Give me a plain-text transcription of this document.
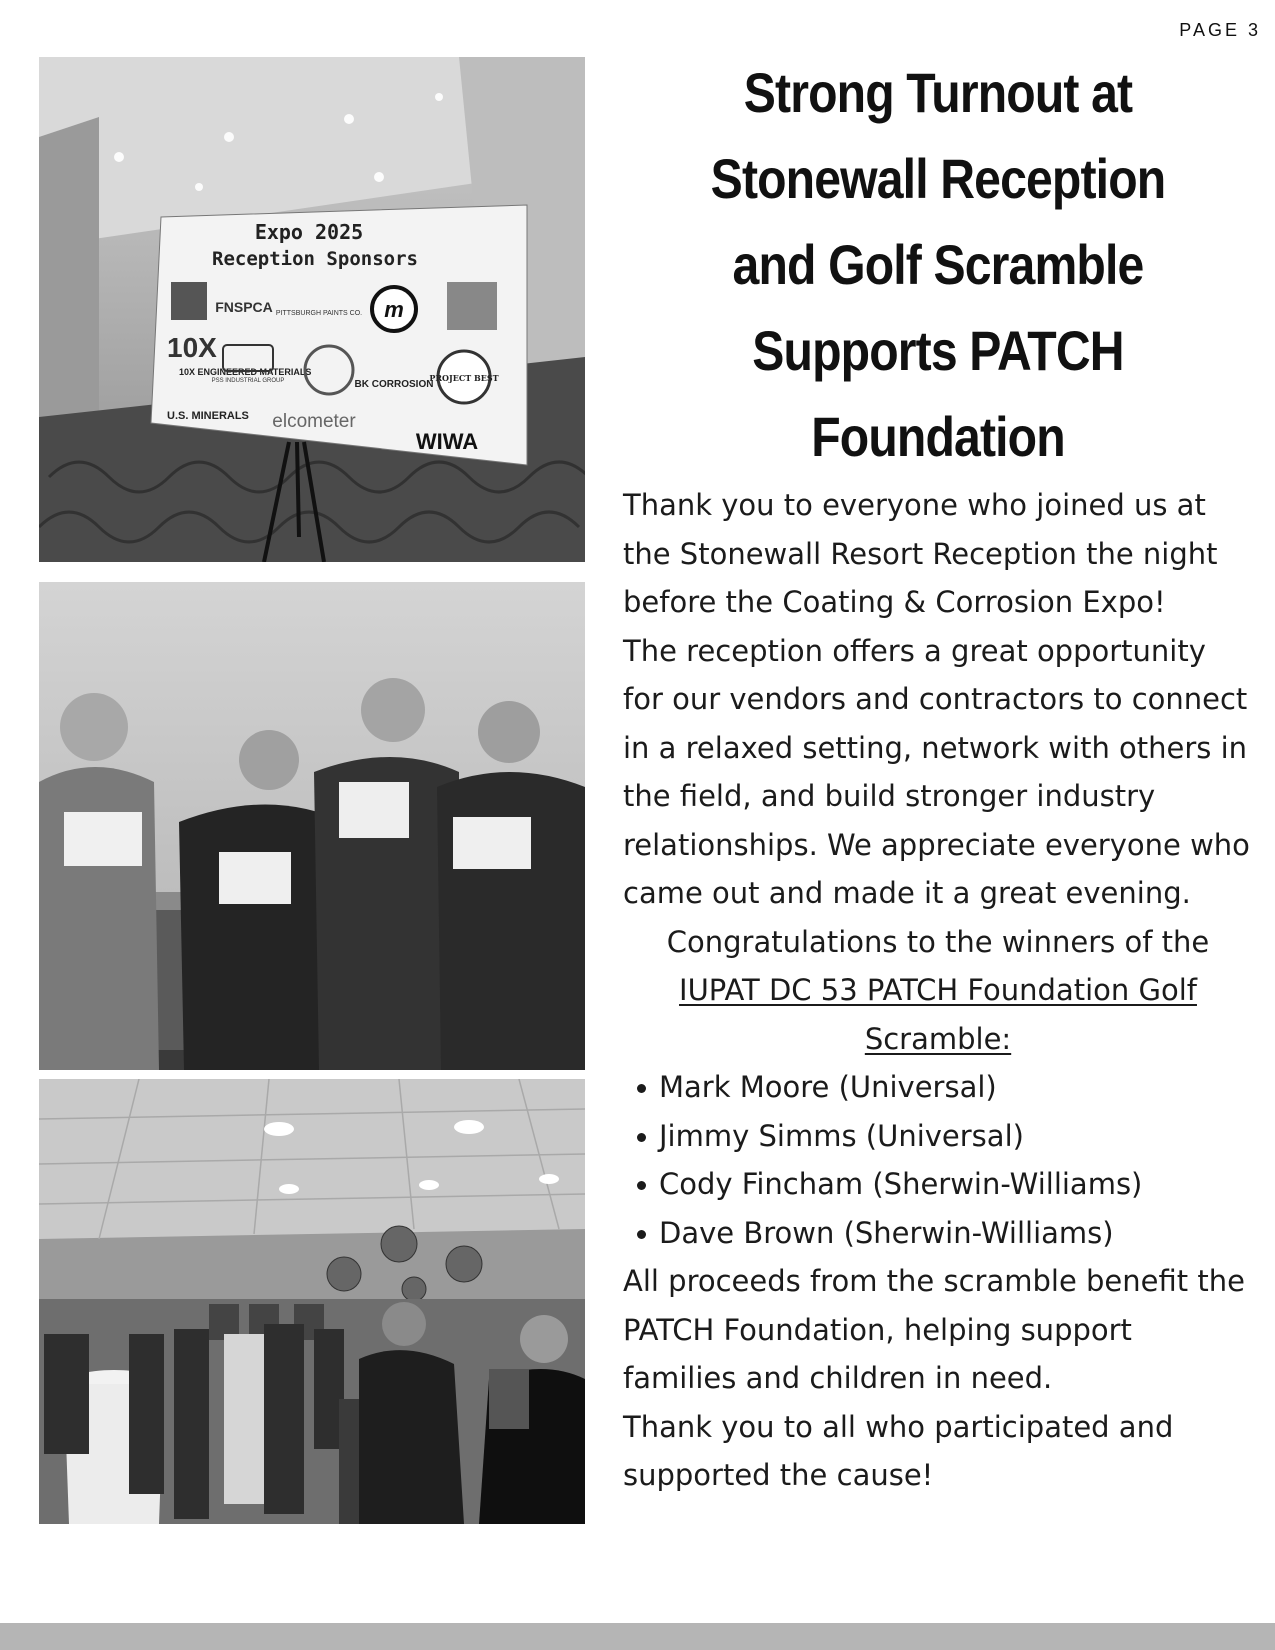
PAGE 3
Expo 2025
Reception Sponsors
FNSPCA PITTSBURGH PAINTS CO. m
10X ENGINEERED MATERIALS
10X
PSS INDUSTRIAL GROUP	BK CORROSION
PROJECT BEST
U.S. MINERALS elcometer
WIWA
Strong Turnout at Stonewall Reception and Golf Scramble Supports PATCH Foundation

Thank you to everyone who joined us at the Stonewall Resort Reception the night before the Coating & Corrosion Expo!

The reception offers a great opportunity for our vendors and contractors to connect in a relaxed setting, network with others in the field, and build stronger industry relationships. We appreciate everyone who came out and made it a great evening.

Congratulations to the winners of the

IUPAT DC 53 PATCH Foundation Golf Scramble:

Mark Moore (Universal)
Jimmy Simms (Universal)
Cody Fincham (Sherwin-Williams)
Dave Brown (Sherwin-Williams)

All proceeds from the scramble benefit the PATCH Foundation, helping support families and children in need.

Thank you to all who participated and supported the cause!
